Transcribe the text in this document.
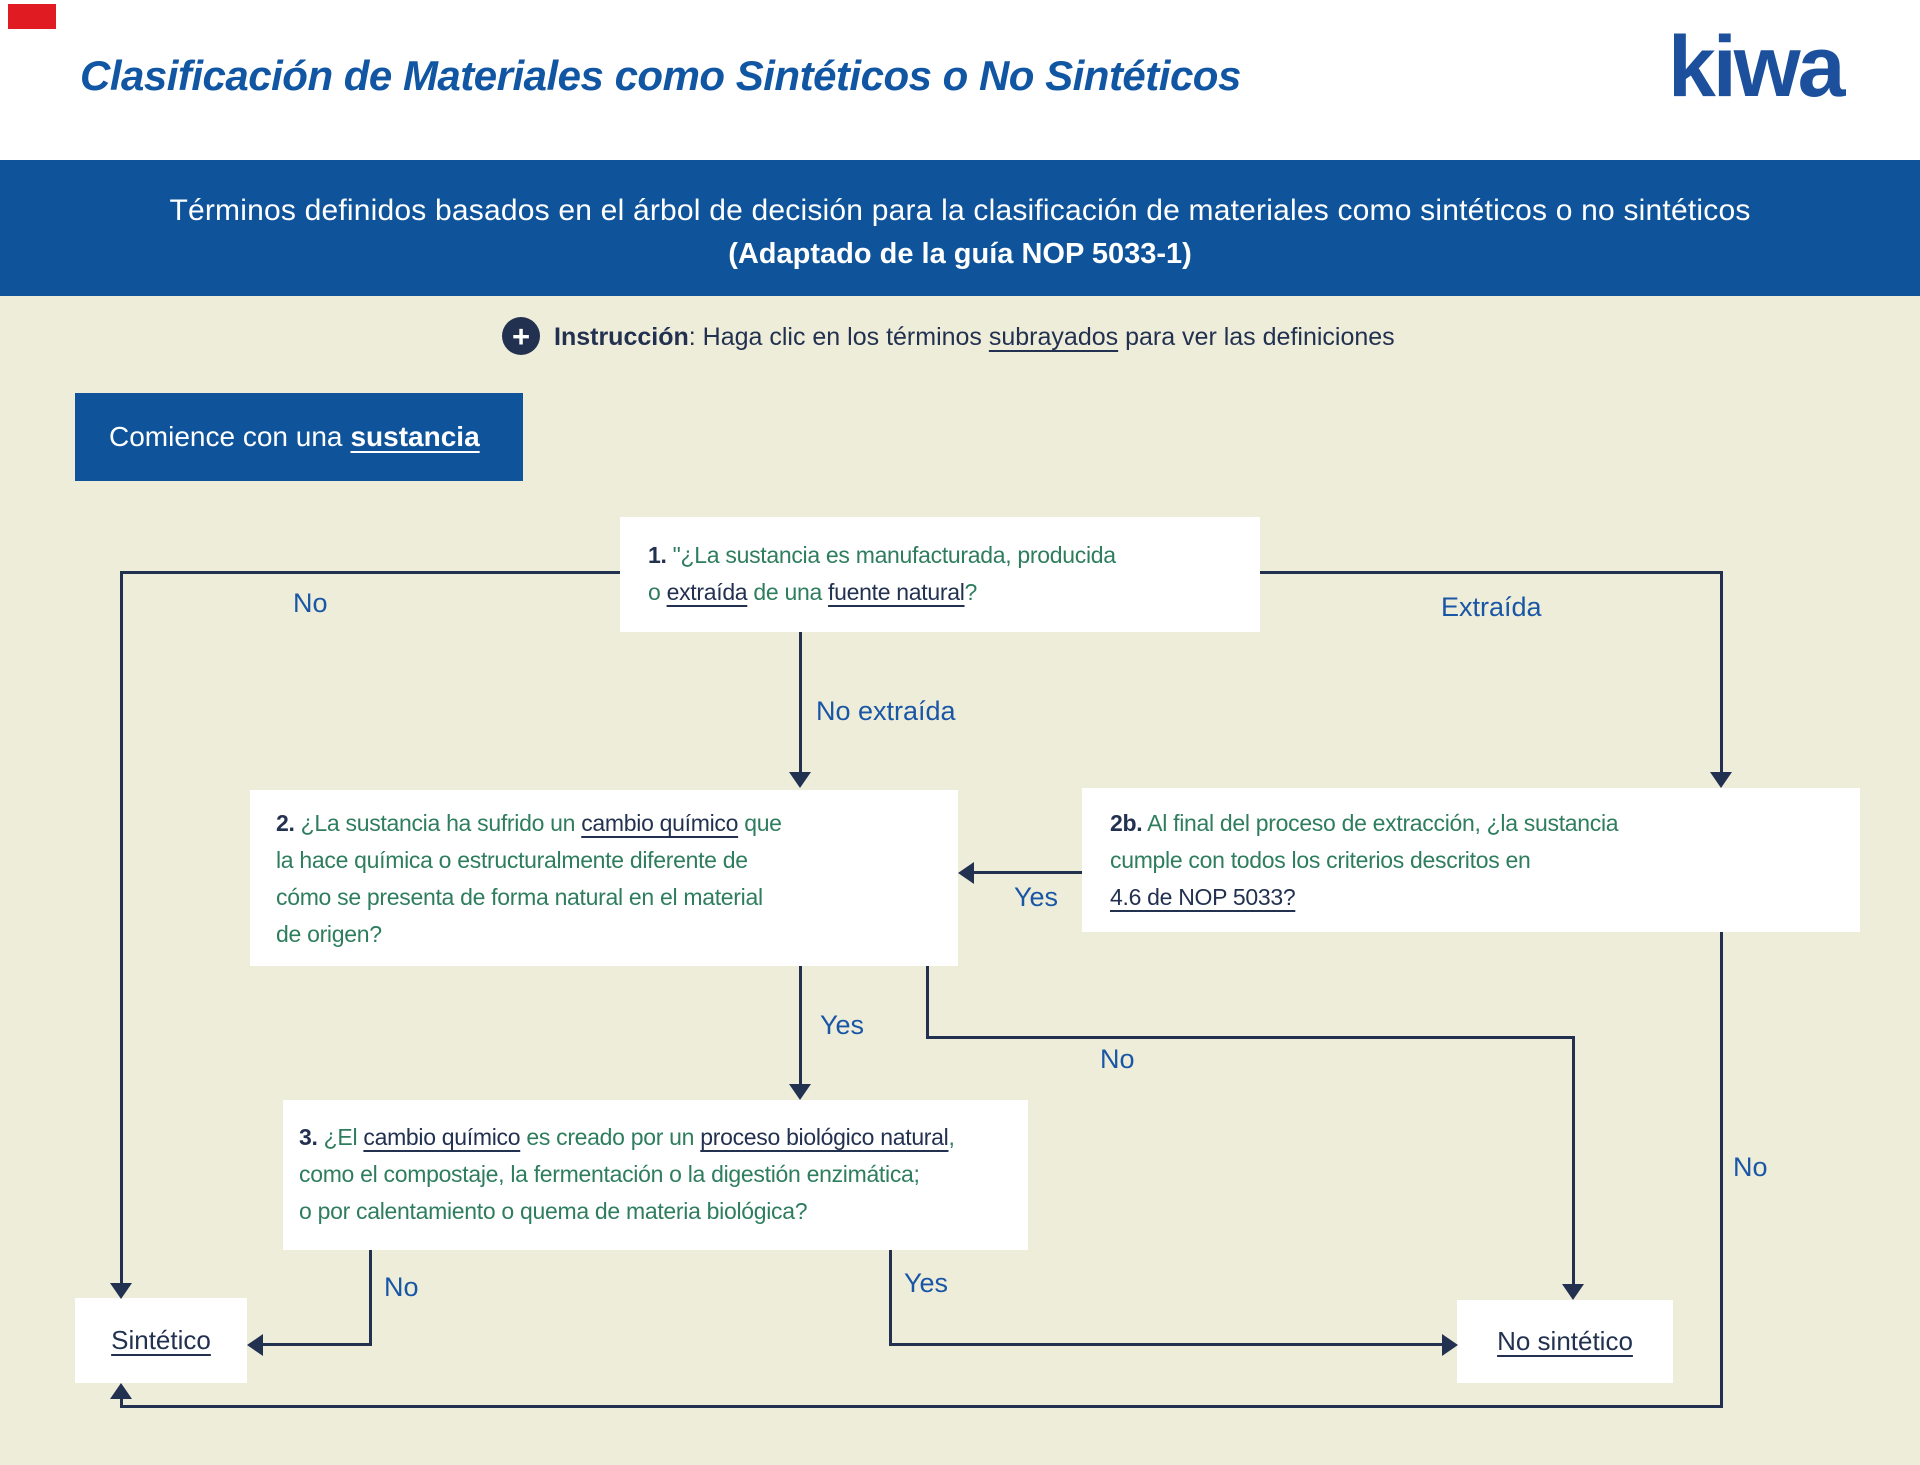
Clasificación de Materiales como Sintéticos o No Sintéticos	kiwa
Términos definidos basados en el árbol de decisión para la clasificación de materiales como sintéticos o no sintéticos
(Adaptado de la guía NOP 5033-1)
+ Instrucción: Haga clic en los términos subrayados para ver las definiciones
Comience con una sustancia
1. "¿La sustancia es manufacturada, producida
o extraída de una fuente natural?
2. ¿La sustancia ha sufrido un cambio químico que
la hace química o estructuralmente diferente de
cómo se presenta de forma natural en el material
de origen?
2b. Al final del proceso de extracción, ¿la sustancia
cumple con todos los criterios descritos en
4.6 de NOP 5033?
3. ¿El cambio químico es creado por un proceso biológico natural,
como el compostaje, la fermentación o la digestión enzimática;
o por calentamiento o quema de materia biológica?
Sintético	No sintético
No	Extraída
No extraída
Yes
Yes
No
No
No	Yes
